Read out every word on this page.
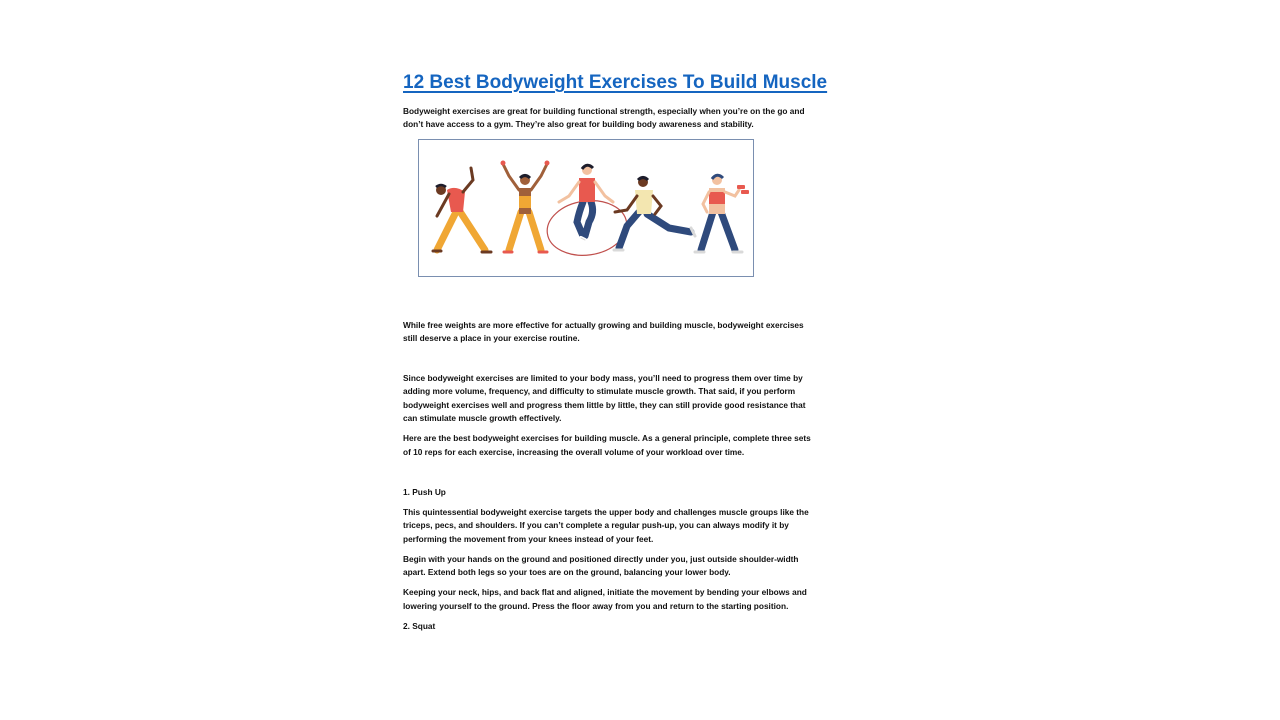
12 Best Bodyweight Exercises To Build Muscle

Bodyweight exercises are great for building functional strength, especially when you’re on the go and don’t have access to a gym. They’re also great for building body awareness and stability.

While free weights are more effective for actually growing and building muscle, bodyweight exercises still deserve a place in your exercise routine.

Since bodyweight exercises are limited to your body mass, you’ll need to progress them over time by adding more volume, frequency, and difficulty to stimulate muscle growth. That said, if you perform bodyweight exercises well and progress them little by little, they can still provide good resistance that can stimulate muscle growth effectively.

Here are the best bodyweight exercises for building muscle. As a general principle, complete three sets of 10 reps for each exercise, increasing the overall volume of your workload over time.

1. Push Up

This quintessential bodyweight exercise targets the upper body and challenges muscle groups like the triceps, pecs, and shoulders. If you can’t complete a regular push-up, you can always modify it by performing the movement from your knees instead of your feet.

Begin with your hands on the ground and positioned directly under you, just outside shoulder-width apart. Extend both legs so your toes are on the ground, balancing your lower body.

Keeping your neck, hips, and back flat and aligned, initiate the movement by bending your elbows and lowering yourself to the ground. Press the floor away from you and return to the starting position.

2. Squat
